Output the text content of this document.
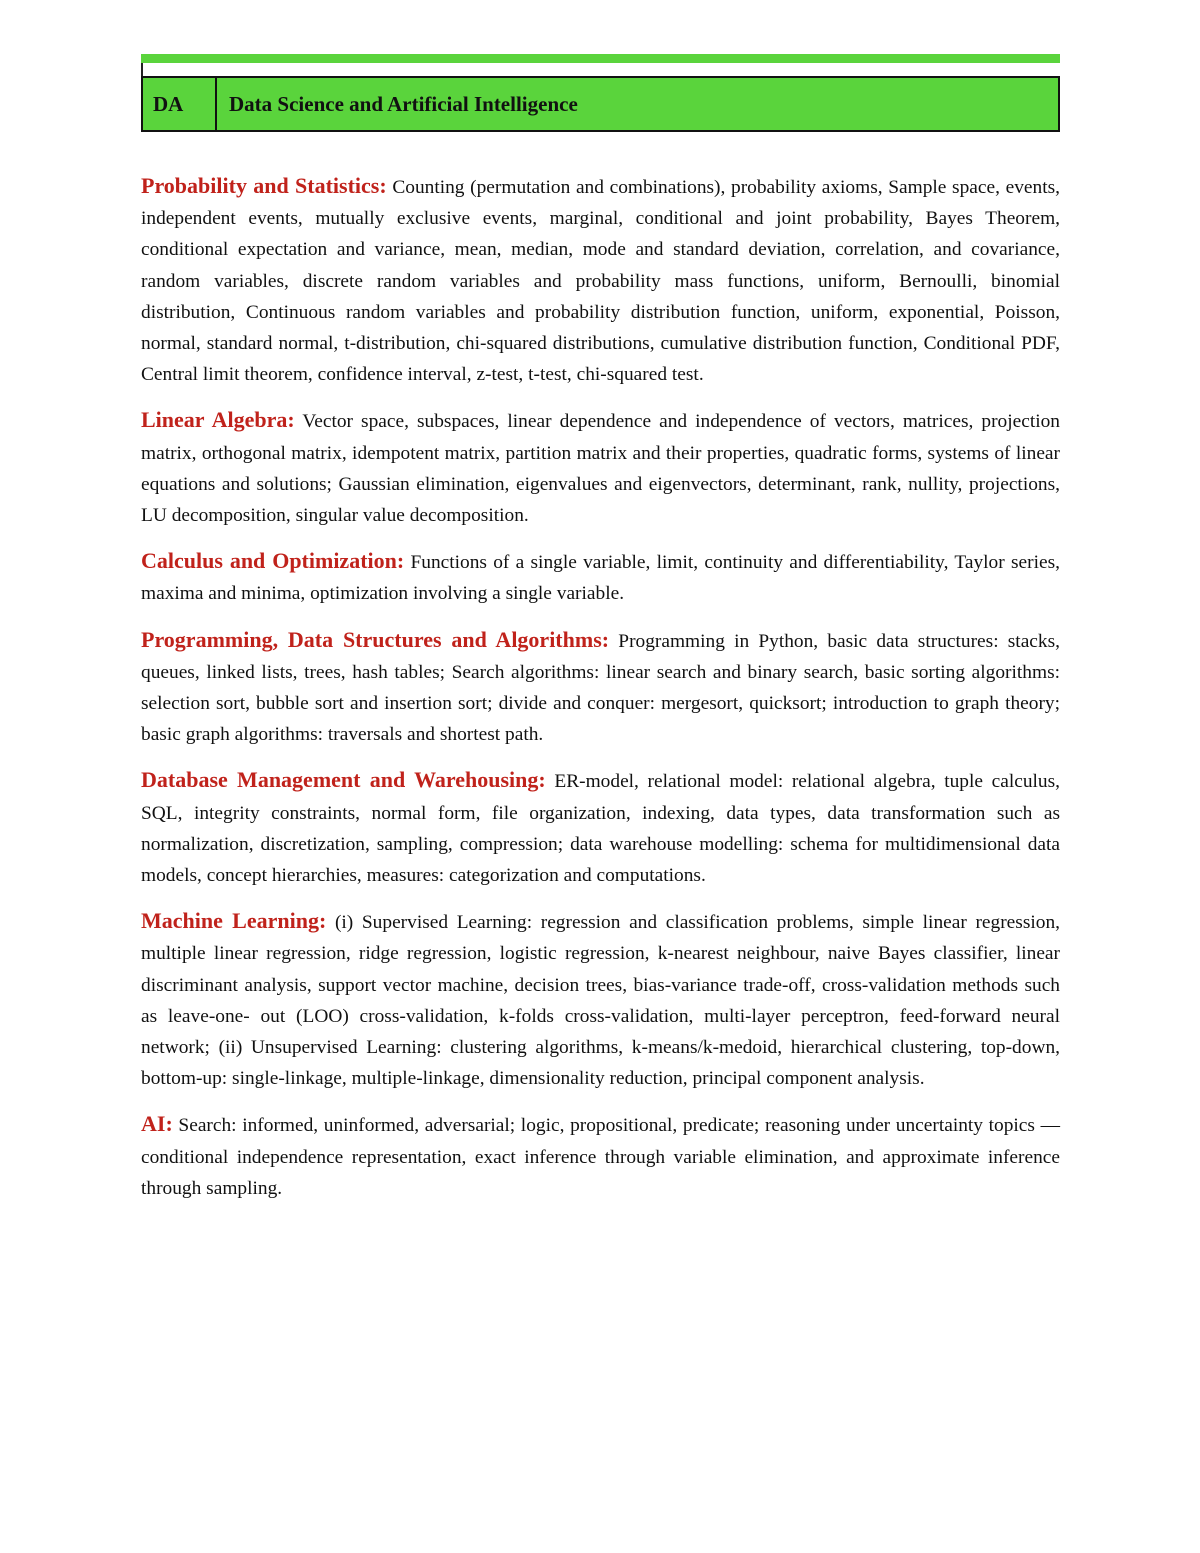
DA	Data Science and Artificial Intelligence

Probability and Statistics: Counting (permutation and combinations), probability axioms, Sample space, events, independent events, mutually exclusive events, marginal, conditional and joint probability, Bayes Theorem, conditional expectation and variance, mean, median, mode and standard deviation, correlation, and covariance, random variables, discrete random variables and probability mass functions, uniform, Bernoulli, binomial distribution, Continuous random variables and probability distribution function, uniform, exponential, Poisson, normal, standard normal, t-distribution, chi-squared distributions, cumulative distribution function, Conditional PDF, Central limit theorem, confidence interval, z-test, t-test, chi-squared test.

Linear Algebra: Vector space, subspaces, linear dependence and independence of vectors, matrices, projection matrix, orthogonal matrix, idempotent matrix, partition matrix and their properties, quadratic forms, systems of linear equations and solutions; Gaussian elimination, eigenvalues and eigenvectors, determinant, rank, nullity, projections, LU decomposition, singular value decomposition.

Calculus and Optimization: Functions of a single variable, limit, continuity and differentiability, Taylor series, maxima and minima, optimization involving a single variable.

Programming, Data Structures and Algorithms: Programming in Python, basic data structures: stacks, queues, linked lists, trees, hash tables; Search algorithms: linear search and binary search, basic sorting algorithms: selection sort, bubble sort and insertion sort; divide and conquer: mergesort, quicksort; introduction to graph theory; basic graph algorithms: traversals and shortest path.

Database Management and Warehousing: ER-model, relational model: relational algebra, tuple calculus, SQL, integrity constraints, normal form, file organization, indexing, data types, data transformation such as normalization, discretization, sampling, compression; data warehouse modelling: schema for multidimensional data models, concept hierarchies, measures: categorization and computations.

Machine Learning: (i) Supervised Learning: regression and classification problems, simple linear regression, multiple linear regression, ridge regression, logistic regression, k-nearest neighbour, naive Bayes classifier, linear discriminant analysis, support vector machine, decision trees, bias-variance trade-off, cross-validation methods such as leave-one- out (LOO) cross-validation, k-folds cross-validation, multi-layer perceptron, feed-forward neural network; (ii) Unsupervised Learning: clustering algorithms, k-means/k-medoid, hierarchical clustering, top-down, bottom-up: single-linkage, multiple-linkage, dimensionality reduction, principal component analysis.

AI: Search: informed, uninformed, adversarial; logic, propositional, predicate; reasoning under uncertainty topics — conditional independence representation, exact inference through variable elimination, and approximate inference through sampling.
